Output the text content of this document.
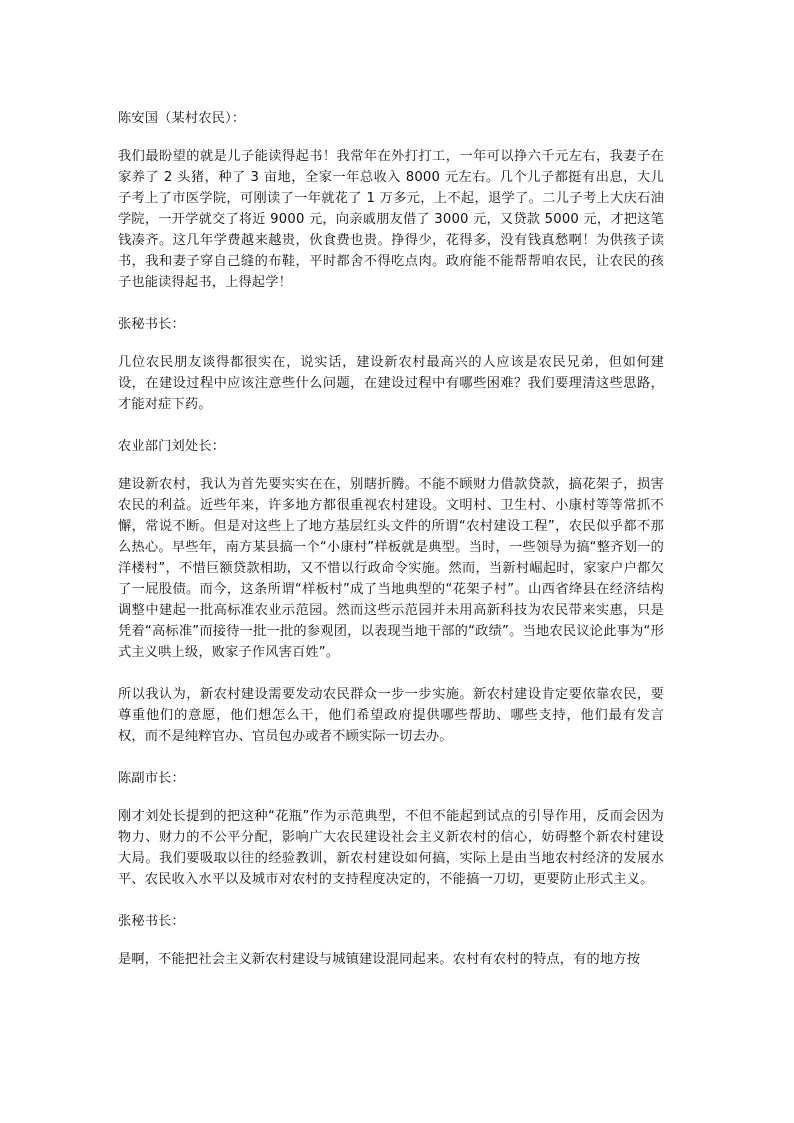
陈安国（某村农民）：
我们最盼望的就是儿子能读得起书！我常年在外打打工，一年可以挣六千元左右，我妻子在家养了 2 头猪，种了 3 亩地，全家一年总收入 8000 元左右。几个儿子都挺有出息，大儿子考上了市医学院，可刚读了一年就花了 1 万多元，上不起，退学了。二儿子考上大庆石油学院，一开学就交了将近 9000 元，向亲戚朋友借了 3000 元，又贷款 5000 元，才把这笔钱凑齐。这几年学费越来越贵，伙食费也贵。挣得少，花得多，没有钱真愁啊！为供孩子读书，我和妻子穿自己缝的布鞋，平时都舍不得吃点肉。政府能不能帮帮咱农民，让农民的孩子也能读得起书，上得起学！
张秘书长：
几位农民朋友谈得都很实在，说实话，建设新农村最高兴的人应该是农民兄弟，但如何建设，在建设过程中应该注意些什么问题，在建设过程中有哪些困难？我们要理清这些思路，才能对症下药。
农业部门刘处长：
建设新农村，我认为首先要实实在在，别瞎折腾。不能不顾财力借款贷款，搞花架子，损害农民的利益。近些年来，许多地方都很重视农村建设。文明村、卫生村、小康村等等常抓不懈，常说不断。但是对这些上了地方基层红头文件的所谓“农村建设工程”，农民似乎都不那么热心。早些年，南方某县搞一个“小康村”样板就是典型。当时，一些领导为搞“整齐划一的洋楼村”，不惜巨额贷款相助，又不惜以行政命令实施。然而，当新村崛起时，家家户户都欠了一屁股债。而今，这条所谓“样板村”成了当地典型的“花架子村”。山西省绛县在经济结构调整中建起一批高标准农业示范园。然而这些示范园并未用高新科技为农民带来实惠，只是凭着“高标准”而接待一批一批的参观团，以表现当地干部的“政绩”。当地农民议论此事为“形式主义哄上级，败家子作风害百姓”。
所以我认为，新农村建设需要发动农民群众一步一步实施。新农村建设肯定要依靠农民，要尊重他们的意愿，他们想怎么干，他们希望政府提供哪些帮助、哪些支持，他们最有发言权，而不是纯粹官办、官员包办或者不顾实际一切去办。
陈副市长：
刚才刘处长提到的把这种“花瓶”作为示范典型，不但不能起到试点的引导作用，反而会因为物力、财力的不公平分配，影响广大农民建设社会主义新农村的信心，妨碍整个新农村建设大局。我们要吸取以往的经验教训，新农村建设如何搞，实际上是由当地农村经济的发展水平、农民收入水平以及城市对农村的支持程度决定的，不能搞一刀切，更要防止形式主义。
张秘书长：
是啊，不能把社会主义新农村建设与城镇建设混同起来。农村有农村的特点，有的地方按
